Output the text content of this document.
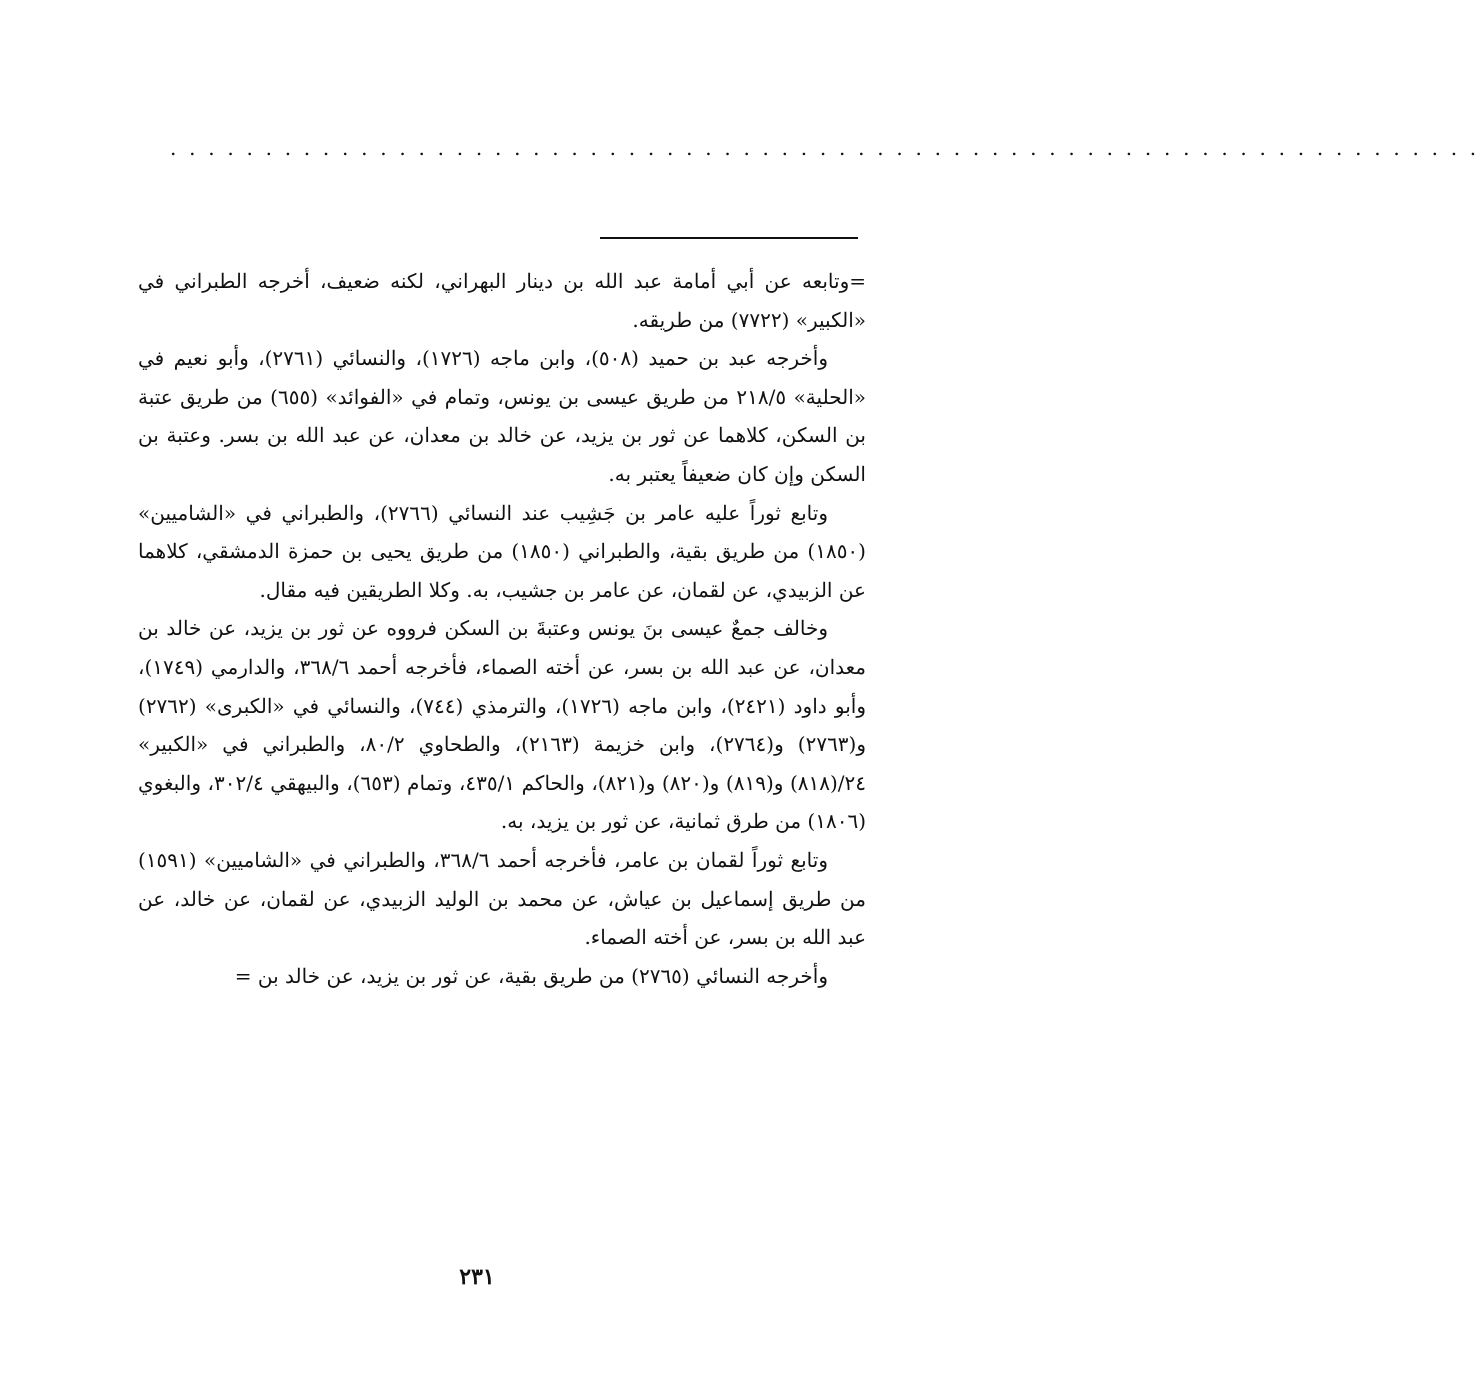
. . . . . . . . . . . . . . . . . . . . . . . . . . . . . . . . . . . . . . . . . . . . . . . . . . . . . . . . . . . . . . . . . . . . .

=وتابعه عن أبي أمامة عبد الله بن دينار البهراني، لكنه ضعيف، أخرجه الطبراني في «الكبير» (٧٧٢٢) من طريقه.

وأخرجه عبد بن حميد (٥٠٨)، وابن ماجه (١٧٢٦)، والنسائي (٢٧٦١)، وأبو نعيم في «الحلية» ٢١٨/٥ من طريق عيسى بن يونس، وتمام في «الفوائد» (٦٥٥) من طريق عتبة بن السكن، كلاهما عن ثور بن يزيد، عن خالد بن معدان، عن عبد الله بن بسر. وعتبة بن السكن وإن كان ضعيفاً يعتبر به.

وتابع ثوراً عليه عامر بن جَشِيب عند النسائي (٢٧٦٦)، والطبراني في «الشاميين» (١٨٥٠) من طريق بقية، والطبراني (١٨٥٠) من طريق يحيى بن حمزة الدمشقي، كلاهما عن الزبيدي، عن لقمان، عن عامر بن جشيب، به. وكلا الطريقين فيه مقال.

وخالف جمعٌ عيسى بنَ يونس وعتبةَ بن السكن فرووه عن ثور بن يزيد، عن خالد بن معدان، عن عبد الله بن بسر، عن أخته الصماء، فأخرجه أحمد ٣٦٨/٦، والدارمي (١٧٤٩)، وأبو داود (٢٤٢١)، وابن ماجه (١٧٢٦)، والترمذي (٧٤٤)، والنسائي في «الكبرى» (٢٧٦٢) و(٢٧٦٣) و(٢٧٦٤)، وابن خزيمة (٢١٦٣)، والطحاوي ٨٠/٢، والطبراني في «الكبير» ٢٤/(٨١٨) و(٨١٩) و(٨٢٠) و(٨٢١)، والحاكم ٤٣٥/١، وتمام (٦٥٣)، والبيهقي ٣٠٢/٤، والبغوي (١٨٠٦) من طرق ثمانية، عن ثور بن يزيد، به.

وتابع ثوراً لقمان بن عامر، فأخرجه أحمد ٣٦٨/٦، والطبراني في «الشاميين» (١٥٩١) من طريق إسماعيل بن عياش، عن محمد بن الوليد الزبيدي، عن لقمان، عن خالد، عن عبد الله بن بسر، عن أخته الصماء.

وأخرجه النسائي (٢٧٦٥) من طريق بقية، عن ثور بن يزيد، عن خالد بن =

٢٣١
